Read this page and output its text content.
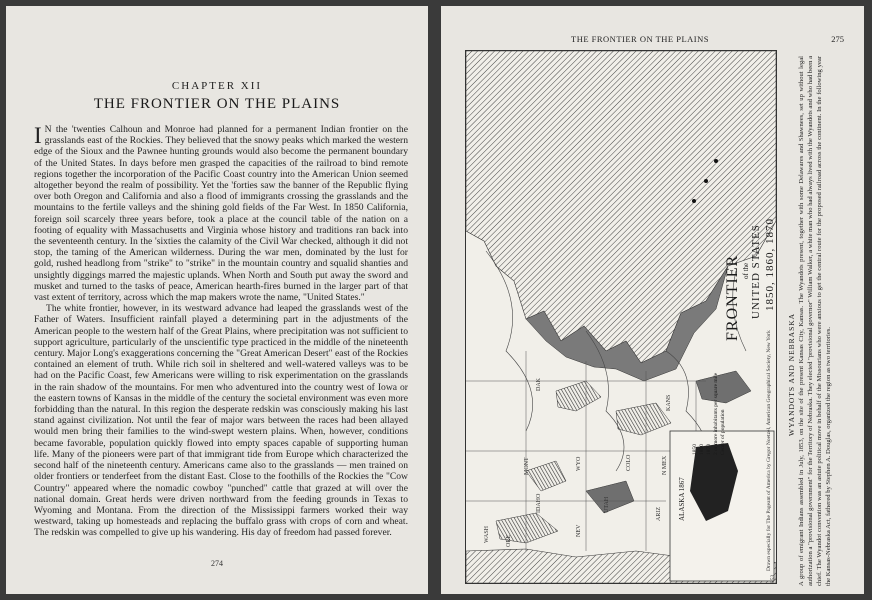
CHAPTER XII
THE FRONTIER ON THE PLAINS

I N the 'twenties Calhoun and Monroe had planned for a permanent Indian frontier on the grasslands east of the Rockies. They believed that the snowy peaks which marked the western edge of the Sioux and the Pawnee hunting grounds would also become the permanent boundary of the United States. In days before men grasped the capacities of the railroad to bind remote regions together the incorporation of the Pacific Coast country into the American Union seemed altogether beyond the realm of possibility. Yet the 'forties saw the banner of the Republic flying over both Oregon and California and also a flood of immigrants crossing the grasslands and the mountains to the fertile valleys and the shining gold fields of the Far West. In 1850 California, foreign soil scarcely three years before, took a place at the council table of the nation on a footing of equality with Massachusetts and Virginia whose history and traditions ran back into the seventeenth century. In the 'sixties the calamity of the Civil War checked, although it did not stop, the taming of the American wilderness. During the war men, dominated by the lust for gold, rushed headlong from "strike" to "strike" in the mountain country and squalid shanties and unsightly diggings marred the majestic uplands. When North and South put away the sword and musket and turned to the tasks of peace, American hearth-fires burned in the larger part of that vast extent of territory, across which the map makers wrote the name, "United States."

The white frontier, however, in its westward advance had leaped the grasslands west of the Father of Waters. Insufficient rainfall played a determining part in the adjustments of the American people to the western half of the Great Plains, where precipitation was not sufficient to support agriculture, particularly of the unscientific type practiced in the middle of the nineteenth century. Major Long's exaggerations concerning the "Great American Desert" east of the Rockies contained an element of truth. While rich soil in sheltered and well-watered valleys was to be had on the Pacific Coast, few Americans were willing to risk experimentation on the grasslands in the rain shadow of the mountains. For men who adventured into the country west of Iowa or the eastern towns of Kansas in the middle of the century the societal environment was even more forbidding than the natural. In this region the desperate redskin was consciously making his last stand against civilization. Not until the fear of major wars between the races had been allayed would men bring their families to the wind-swept western plains. When, however, conditions became favorable, population quickly flowed into empty spaces capable of supporting human life. Many of the pioneers were part of that immigrant tide from Europe which characterized the second half of the nineteenth century. Americans came also to the grasslands — men trained on older frontiers or tenderfeet from the distant East. Close to the foothills of the Rockies the "Cow Country" appeared where the nomadic cowboy "punched" cattle that grazed at will over the national domain. Great herds were driven northward from the feeding grounds in Texas to Wyoming and Montana. From the direction of the Mississippi farmers worked their way westward, taking up homesteads and replacing the buffalo grass with crops of corn and wheat. The redskin was compelled to give up his wandering. His day of freedom had passed forever.

274
THE FRONTIER ON THE PLAINS	275
FRONTIER of the UNITED STATES 1850, 1860, 1870
1850 1860 1870 2 or more inhabitants per square mile Center of population
WASH	ORE
IDAHO
MONT	WYO
NEV
UTAH
COLO
ARIZ
N MEX
KANS
DAK
ALASKA 1867	Drawn especially for The Pageant of America by Gregor Noetzel, American Geographical Society, New York
353
WYANDOTS AND NEBRASKA A group of emigrant Indians assembled in July, 1853, on the site of the present Kansas City, Kansas. The Wyandots present, together with some Delawares and Shawnees, set up without legal authorization a "provisional government" for the Territory of Nebraska. They elected "provisional governor" William Walker, a white man who had always lived with the Wyandots and who had been a chief. The Wyandot convention was an astute political move in behalf of the Missourians who were anxious to get the central route for the proposed railroad across the continent. In the following year the Kansas-Nebraska Act, fathered by Stephen A. Douglas, organized the region as two territories.
